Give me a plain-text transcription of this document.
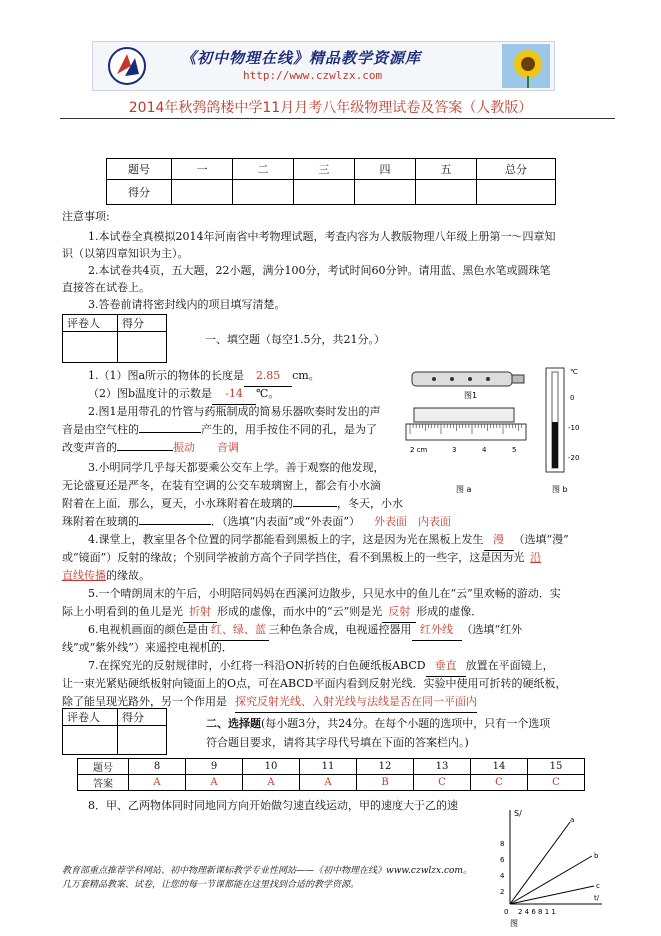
《初中物理在线》精品教学资源库
http://www.czwlzx.com
2014年秋鹁鸽楼中学11月月考八年级物理试卷及答案（人教版）
题号	一	二	三	四	五	总分
得分						
注意事项:
1.本试卷全真模拟2014年河南省中考物理试题，考查内容为人教版物理八年级上册第一～四章知
识（以第四章知识为主）。
2.本试卷共4页，五大题，22小题，满分100分，考试时间60分钟。请用蓝、黑色水笔或圆珠笔
直接答在试卷上。
3.答卷前请将密封线内的项目填写清楚。
评卷人	得分

一、填空题（每空1.5分，共21分。）
1.（1）图a所示的物体的长度是 2.85 cm。
（2）图b温度计的示数是 -14 ℃。
2.图1是用带孔的竹管与药瓶制成的简易乐器吹奏时发出的声
音是由空气柱的	产生的，用手按住不同的孔，是为了
改变声音的	振动　　音调
3.小明同学几乎每天都要乘公交车上学。善于观察的他发现，
无论盛夏还是严冬，在装有空调的公交车玻璃窗上，都会有小水滴
附着在上面．那么，夏天，小水珠附着在玻璃的	，冬天，小水
珠附着在玻璃的	．（选填“内表面”或“外表面”） 外表面　内表面
4.课堂上，教室里各个位置的同学都能看到黑板上的字，这是因为光在黑板上发生 漫 （选填“漫”
或“镜面”）反射的缘故；个别同学被前方高个子同学挡住，看不到黑板上的一些字，这是因为光 沿
直线传播的缘故。
5.一个晴朗周末的午后，小明陪同妈妈在西溪河边散步，只见水中的鱼儿在“云”里欢畅的游动．实
际上小明看到的鱼儿是光 折射 形成的虚像，而水中的“云”则是光 反射 形成的虚像．
6.电视机画面的颜色是由 红、绿、蓝 三种色条合成，电视遥控器用 红外线 （选填“红外
线”或“紫外线”）来遥控电视机的．
7.在探究光的反射规律时，小红将一科沿ON折转的白色硬纸板ABCD 垂直 放置在平面镜上，
让一束光紧贴硬纸板射向镜面上的O点，可在ABCD平面内看到反射光线．实验中使用可折转的硬纸板，
除了能呈现光路外，另一个作用是 探究反射光线、入射光线与法线是否在同一平面内
评卷人	得分
		二、选择题(每小题3分，共24分。在每个小题的选项中，只有一个选项
符合题目要求，请将其字母代号填在下面的答案栏内。)
题号	8	9	10	11	12	13	14	15
答案	A	A	A	A	B	C	C	C
8．甲、乙两物体同时同地同方向开始做匀速直线运动，甲的速度大于乙的速
图1
2 cm	3	4	5
图 a
℃
0
-10
-20
图 b
S/
8
6
4
2
0 2 4 6 8 1 1
t/
a
b
c
图
教育部重点推荐学科网站、初中物理新课标教学专业性网站——《初中物理在线》www.czwlzx.com。
几万套精品教案、试卷，让您的每一节课都能在这里找到合适的教学资源。
